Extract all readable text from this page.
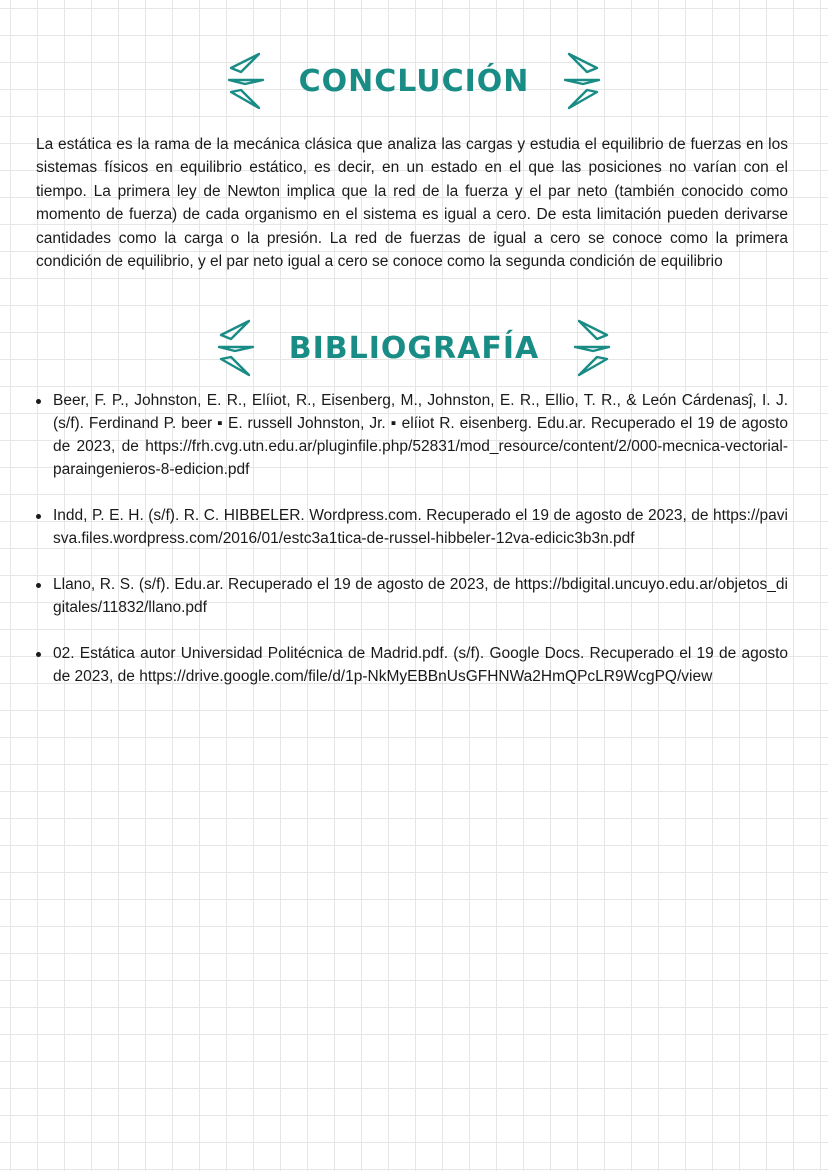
CONCLUCIÓN

La estática es la rama de la mecánica clásica que analiza las cargas y estudia el equilibrio de fuerzas en los sistemas físicos en equilibrio estático, es decir, en un estado en el que las posiciones no varían con el tiempo. La primera ley de Newton implica que la red de la fuerza y el par neto (también conocido como momento de fuerza) de cada organismo en el sistema es igual a cero. De esta limitación pueden derivarse cantidades como la carga o la presión. La red de fuerzas de igual a cero se conoce como la primera condición de equilibrio, y el par neto igual a cero se conoce como la segunda condición de equilibrio

BIBLIOGRAFÍA
Beer, F. P., Johnston, E. R., Elíiot, R., Eisenberg, M., Johnston, E. R., Ellio, T. R., & León Cárdenasĵ, I. J. (s/f). Ferdinand P. beer ▪ E. russell Johnston, Jr. ▪ elíiot R. eisenberg. Edu.ar. Recuperado el 19 de agosto de 2023, de https://frh.cvg.utn.edu.ar/pluginfile.php/52831/mod_resource/content/2/000-mecnica-vectorial-paraingenieros-8-edicion.pdf
Indd, P. E. H. (s/f). R. C. HIBBELER. Wordpress.com. Recuperado el 19 de agosto de 2023, de https://pavisva.files.wordpress.com/2016/01/estc3a1tica-de-russel-hibbeler-12va-edicic3b3n.pdf
Llano, R. S. (s/f). Edu.ar. Recuperado el 19 de agosto de 2023, de https://bdigital.uncuyo.edu.ar/objetos_digitales/11832/llano.pdf
02. Estática autor Universidad Politécnica de Madrid.pdf. (s/f). Google Docs. Recuperado el 19 de agosto de 2023, de https://drive.google.com/file/d/1p-NkMyEBBnUsGFHNWa2HmQPcLR9WcgPQ/view
